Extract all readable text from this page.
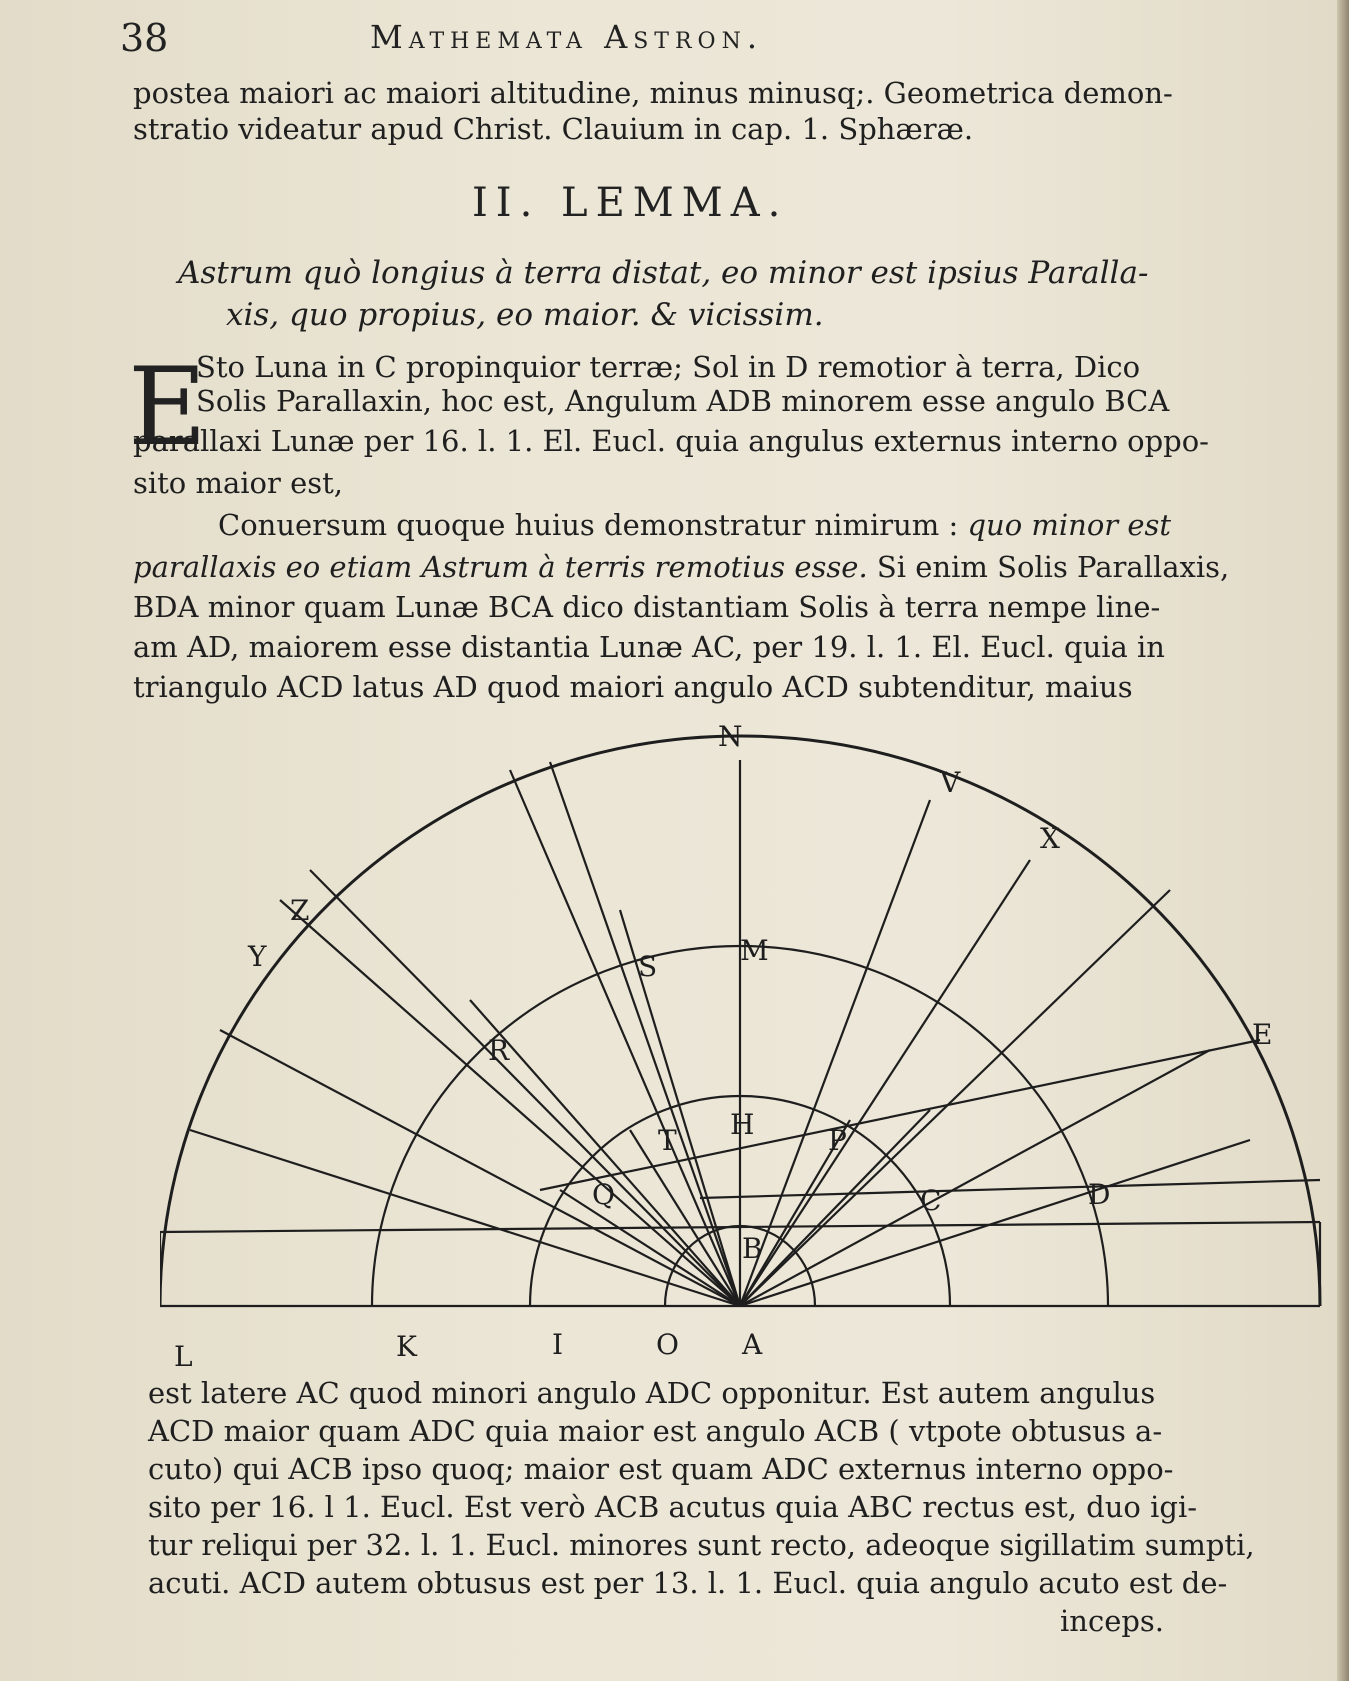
38	Mathemata Astron.
postea maiori ac maiori altitudine, minus minusq;. Geometrica demon-
stratio videatur apud Christ. Clauium in cap. 1. Sphæræ.
II. LEMMA.
Astrum quò longius à terra distat, eo minor est ipsius Paralla-
xis, quo propius, eo maior. & vicissim.
E
Sto Luna in C propinquior terræ; Sol in D remotior à terra, Dico
Solis Parallaxin, hoc est, Angulum ADB minorem esse angulo BCA
parallaxi Lunæ per 16. l. 1. El. Eucl. quia angulus externus interno oppo-
sito maior est,
Conuersum quoque huius demonstratur nimirum : quo minor est
parallaxis eo etiam Astrum à terris remotius esse. Si enim Solis Parallaxis,
BDA minor quam Lunæ BCA dico distantiam Solis à terra nempe line-
am AD, maiorem esse distantia Lunæ AC, per 19. l. 1. El. Eucl. quia in
triangulo ACD latus AD quod maiori angulo ACD subtenditur, maius
N
V
X
Z
Y	M
S
R	E
H
T	P
Q	C	D
B
L	K	I	O A
est latere AC quod minori angulo ADC opponitur. Est autem angulus
ACD maior quam ADC quia maior est angulo ACB ( vtpote obtusus a-
cuto) qui ACB ipso quoq; maior est quam ADC externus interno oppo-
sito per 16. l 1. Eucl. Est verò ACB acutus quia ABC rectus est, duo igi-
tur reliqui per 32. l. 1. Eucl. minores sunt recto, adeoque sigillatim sumpti,
acuti. ACD autem obtusus est per 13. l. 1. Eucl. quia angulo acuto est de-
inceps.
